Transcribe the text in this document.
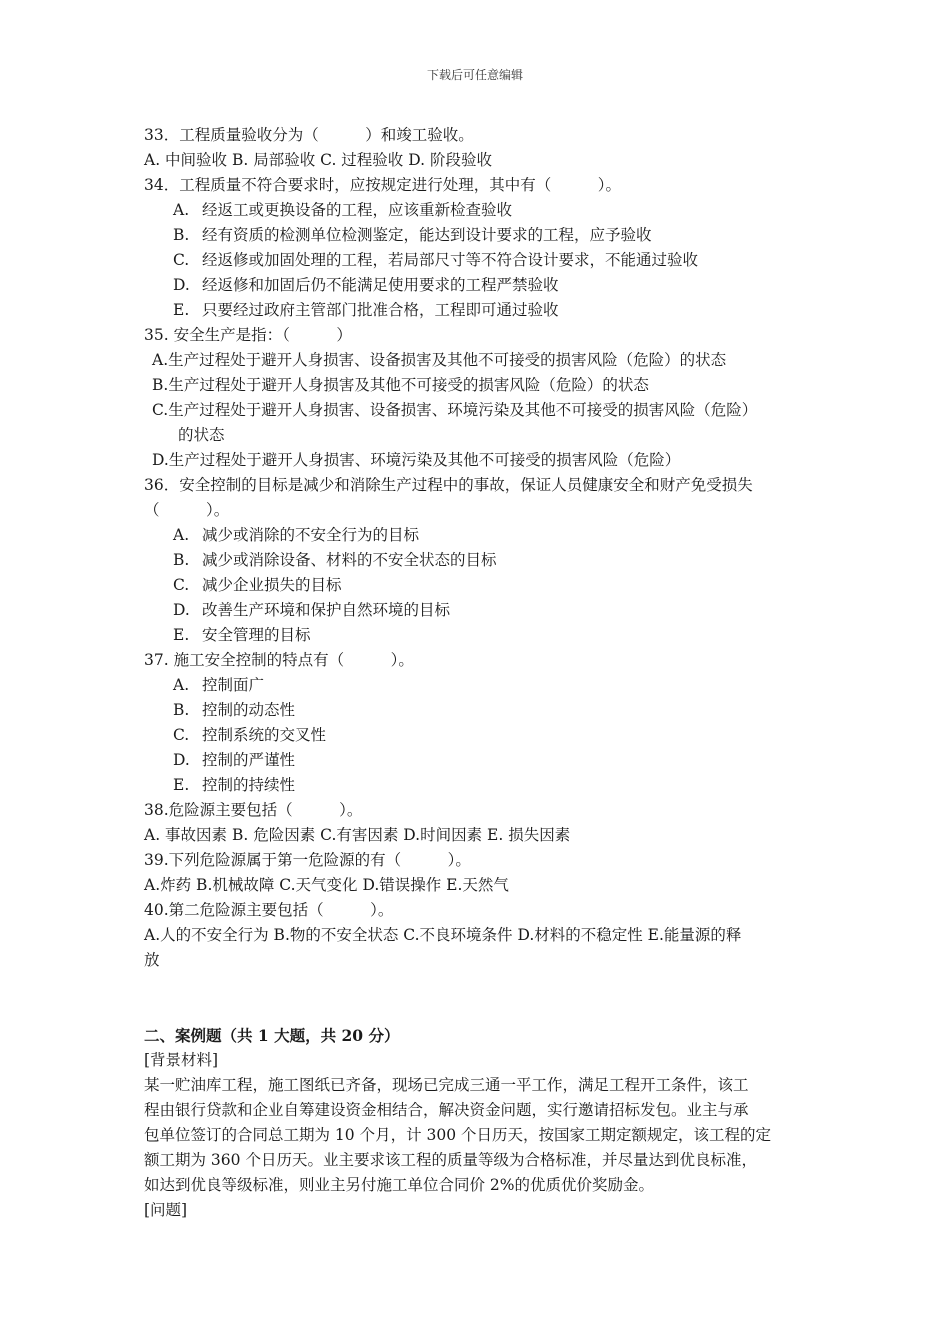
下载后可任意编辑
33．工程质量验收分为（　　　）和竣工验收。
A. 中间验收 B. 局部验收 C. 过程验收 D. 阶段验收
34．工程质量不符合要求时，应按规定进行处理，其中有（　　　）。
A. 经返工或更换设备的工程，应该重新检查验收
B. 经有资质的检测单位检测鉴定，能达到设计要求的工程，应予验收
C. 经返修或加固处理的工程，若局部尺寸等不符合设计要求，不能通过验收
D. 经返修和加固后仍不能满足使用要求的工程严禁验收
E. 只要经过政府主管部门批准合格，工程即可通过验收
35. 安全生产是指：（　　　）
A.生产过程处于避开人身损害、设备损害及其他不可接受的损害风险（危险）的状态
B.生产过程处于避开人身损害及其他不可接受的损害风险（危险）的状态
C.生产过程处于避开人身损害、设备损害、环境污染及其他不可接受的损害风险（危险）
的状态
D.生产过程处于避开人身损害、环境污染及其他不可接受的损害风险（危险）
36．安全控制的目标是减少和消除生产过程中的事故，保证人员健康安全和财产免受损失
（　　　）。
A. 减少或消除的不安全行为的目标
B. 减少或消除设备、材料的不安全状态的目标
C. 减少企业损失的目标
D. 改善生产环境和保护自然环境的目标
E. 安全管理的目标
37. 施工安全控制的特点有（　　　）。
A. 控制面广
B. 控制的动态性
C. 控制系统的交叉性
D. 控制的严谨性
E. 控制的持续性
38.危险源主要包括（　　　）。
A. 事故因素 B. 危险因素 C.有害因素 D.时间因素 E. 损失因素
39.下列危险源属于第一危险源的有（　　　）。
A.炸药 B.机械故障 C.天气变化 D.错误操作 E.天然气
40.第二危险源主要包括（　　　）。
A.人的不安全行为 B.物的不安全状态 C.不良环境条件 D.材料的不稳定性 E.能量源的释
放
二、案例题（共 1 大题，共 20 分）
[背景材料]
某一贮油库工程，施工图纸已齐备，现场已完成三通一平工作，满足工程开工条件，该工
程由银行贷款和企业自筹建设资金相结合，解决资金问题，实行邀请招标发包。业主与承
包单位签订的合同总工期为 10 个月，计 300 个日历天，按国家工期定额规定，该工程的定
额工期为 360 个日历天。业主要求该工程的质量等级为合格标准，并尽量达到优良标准，
如达到优良等级标准，则业主另付施工单位合同价 2%的优质优价奖励金。
[问题]
